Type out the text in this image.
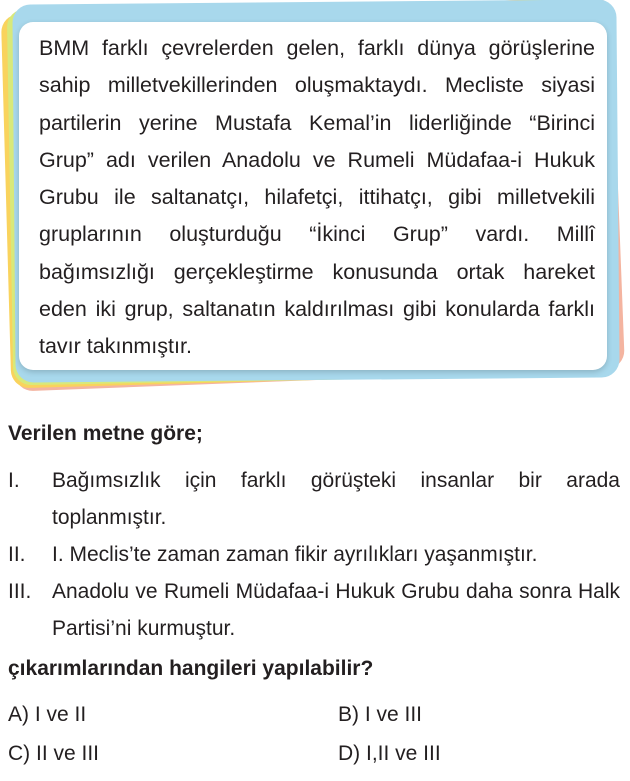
BMM farklı çevrelerden gelen, farklı dünya görüşlerine sahip milletvekillerinden oluşmaktaydı. Mecliste siyasi partilerin yerine Mustafa Kemal’in liderliğinde “Birinci Grup” adı verilen Anadolu ve Rumeli Müdafaa-i Hukuk Grubu ile saltanatçı, hilafetçi, ittihatçı, gibi milletvekili gruplarının oluşturduğu “İkinci Grup” vardı. Millî bağımsızlığı gerçekleştirme konusunda ortak hareket eden iki grup, saltanatın kaldırılması gibi konularda farklı tavır takınmıştır.

Verilen metne göre;
I. Bağımsızlık için farklı görüşteki insanlar bir arada toplanmıştır.
II. I. Meclis’te zaman zaman fikir ayrılıkları yaşanmıştır.
III. Anadolu ve Rumeli Müdafaa-i Hukuk Grubu daha sonra Halk Partisi’ni kurmuştur.
çıkarımlarından hangileri yapılabilir?
A) I ve II	B) I ve III
C) II ve III	D) I,II ve III
